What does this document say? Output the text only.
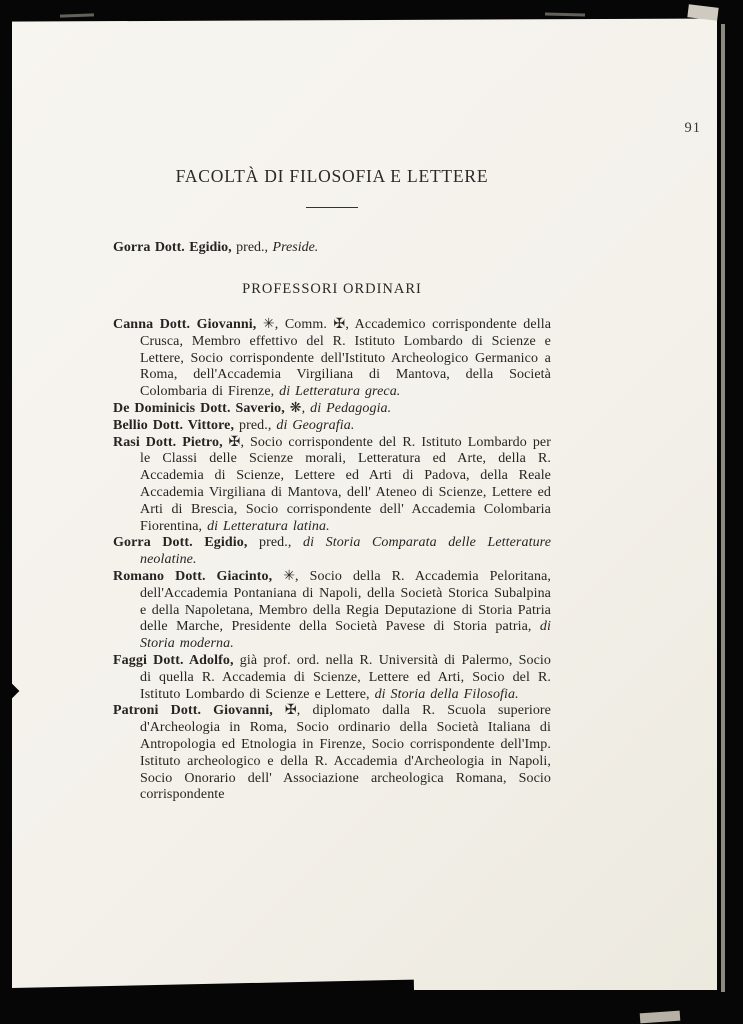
91
FACOLTÀ DI FILOSOFIA E LETTERE

Gorra Dott. Egidio, pred., Preside.

PROFESSORI ORDINARI

Canna Dott. Giovanni, ✳, Comm. ✠, Accademico corrispondente della Crusca, Membro effettivo del R. Istituto Lombardo di Scienze e Lettere, Socio corrispondente dell'Istituto Archeologico Germanico a Roma, dell'Accademia Virgiliana di Mantova, della Società Colombaria di Firenze, di Letteratura greca.

De Dominicis Dott. Saverio, ❋, di Pedagogia.

Bellio Dott. Vittore, pred., di Geografia.

Rasi Dott. Pietro, ✠, Socio corrispondente del R. Istituto Lombardo per le Classi delle Scienze morali, Letteratura ed Arte, della R. Accademia di Scienze, Lettere ed Arti di Padova, della Reale Accademia Virgiliana di Mantova, dell' Ateneo di Scienze, Lettere ed Arti di Brescia, Socio corrispondente dell' Accademia Colombaria Fiorentina, di Letteratura latina.

Gorra Dott. Egidio, pred., di Storia Comparata delle Letterature neolatine.

Romano Dott. Giacinto, ✳, Socio della R. Accademia Peloritana, dell'Accademia Pontaniana di Napoli, della Società Storica Subalpina e della Napoletana, Membro della Regia Deputazione di Storia Patria delle Marche, Presidente della Società Pavese di Storia patria, di Storia moderna.

Faggi Dott. Adolfo, già prof. ord. nella R. Università di Palermo, Socio di quella R. Accademia di Scienze, Lettere ed Arti, Socio del R. Istituto Lombardo di Scienze e Lettere, di Storia della Filosofia.

Patroni Dott. Giovanni, ✠, diplomato dalla R. Scuola superiore d'Archeologia in Roma, Socio ordinario della Società Italiana di Antropologia ed Etnologia in Firenze, Socio corrispondente dell'Imp. Istituto archeologico e della R. Accademia d'Archeologia in Napoli, Socio Onorario dell' Associazione archeologica Romana, Socio corrispondente
